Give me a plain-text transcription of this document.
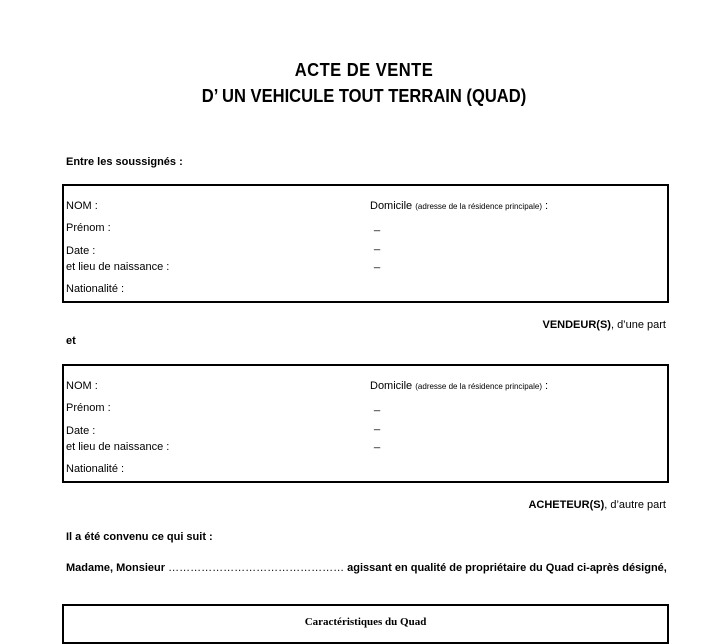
ACTE DE VENTE
D’ UN VEHICULE TOUT TERRAIN (QUAD)
Entre les soussignés :
NOM :
Prénom :
Date :
et lieu de naissance :
Nationalité :
Domicile (adresse de la résidence principale) :
_
_
_
VENDEUR(S), d’une part
et
NOM :
Prénom :
Date :
et lieu de naissance :
Nationalité :
Domicile (adresse de la résidence principale) :
_
_
_
ACHETEUR(S), d’autre part
Il a été convenu ce qui suit :
Madame, Monsieur ………………………………………… agissant en qualité de propriétaire du Quad ci-après désigné,
Caractéristiques du Quad
